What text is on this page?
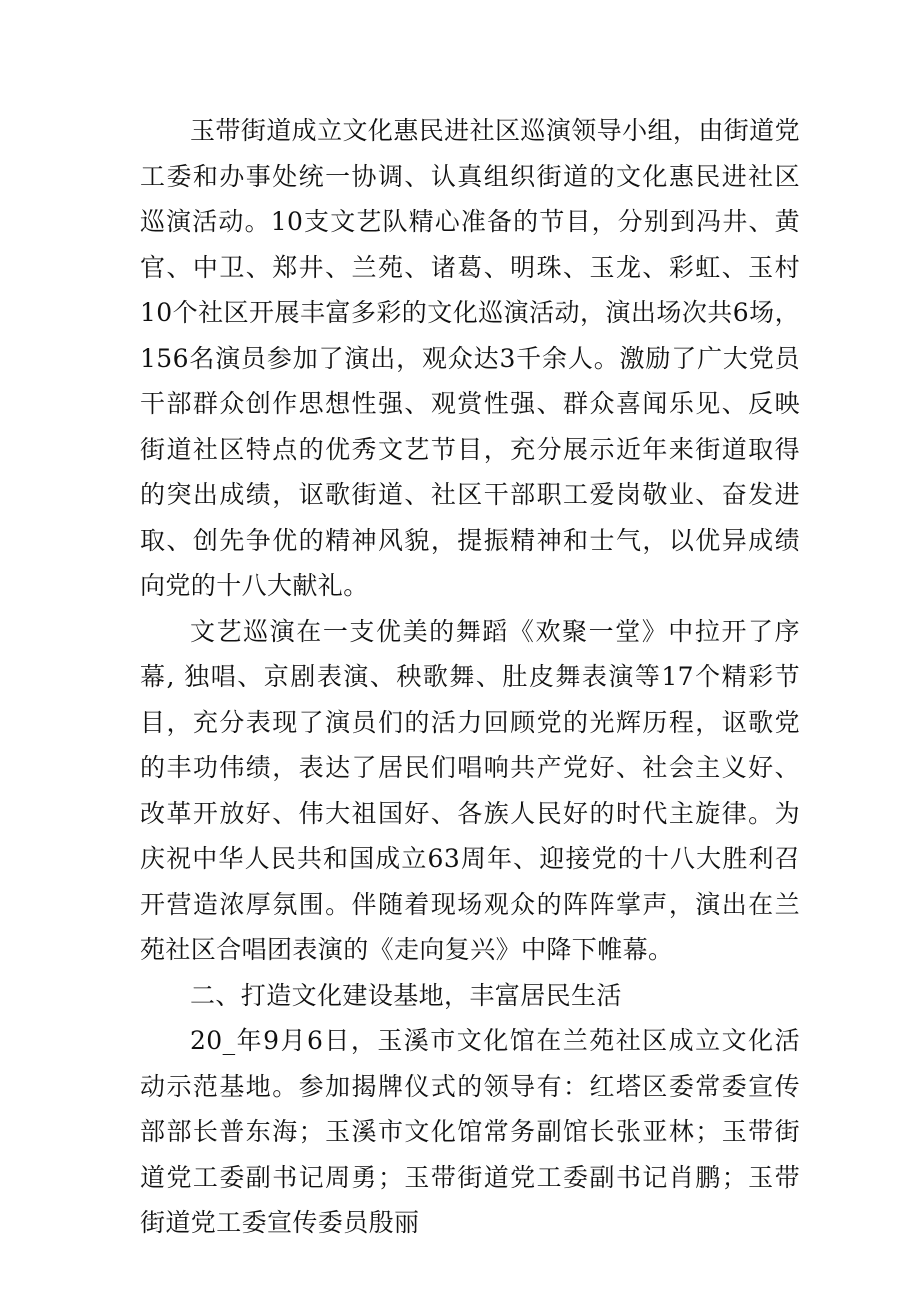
玉带街道成立文化惠民进社区巡演领导小组，由街道党工委和办事处统一协调、认真组织街道的文化惠民进社区巡演活动。10支文艺队精心准备的节目，分别到冯井、黄官、中卫、郑井、兰苑、诸葛、明珠、玉龙、彩虹、玉村10个社区开展丰富多彩的文化巡演活动，演出场次共6场，156名演员参加了演出，观众达3千余人。激励了广大党员干部群众创作思想性强、观赏性强、群众喜闻乐见、反映街道社区特点的优秀文艺节目，充分展示近年来街道取得的突出成绩，讴歌街道、社区干部职工爱岗敬业、奋发进取、创先争优的精神风貌，提振精神和士气，以优异成绩向党的十八大献礼。

文艺巡演在一支优美的舞蹈《欢聚一堂》中拉开了序幕, 独唱、京剧表演、秧歌舞、肚皮舞表演等17个精彩节目，充分表现了演员们的活力回顾党的光辉历程，讴歌党的丰功伟绩，表达了居民们唱响共产党好、社会主义好、改革开放好、伟大祖国好、各族人民好的时代主旋律。为庆祝中华人民共和国成立63周年、迎接党的十八大胜利召开营造浓厚氛围。伴随着现场观众的阵阵掌声，演出在兰苑社区合唱团表演的《走向复兴》中降下帷幕。

二、打造文化建设基地，丰富居民生活

20_年9月6日，玉溪市文化馆在兰苑社区成立文化活动示范基地。参加揭牌仪式的领导有：红塔区委常委宣传部部长普东海；玉溪市文化馆常务副馆长张亚林；玉带街道党工委副书记周勇；玉带街道党工委副书记肖鹏；玉带街道党工委宣传委员殷丽
